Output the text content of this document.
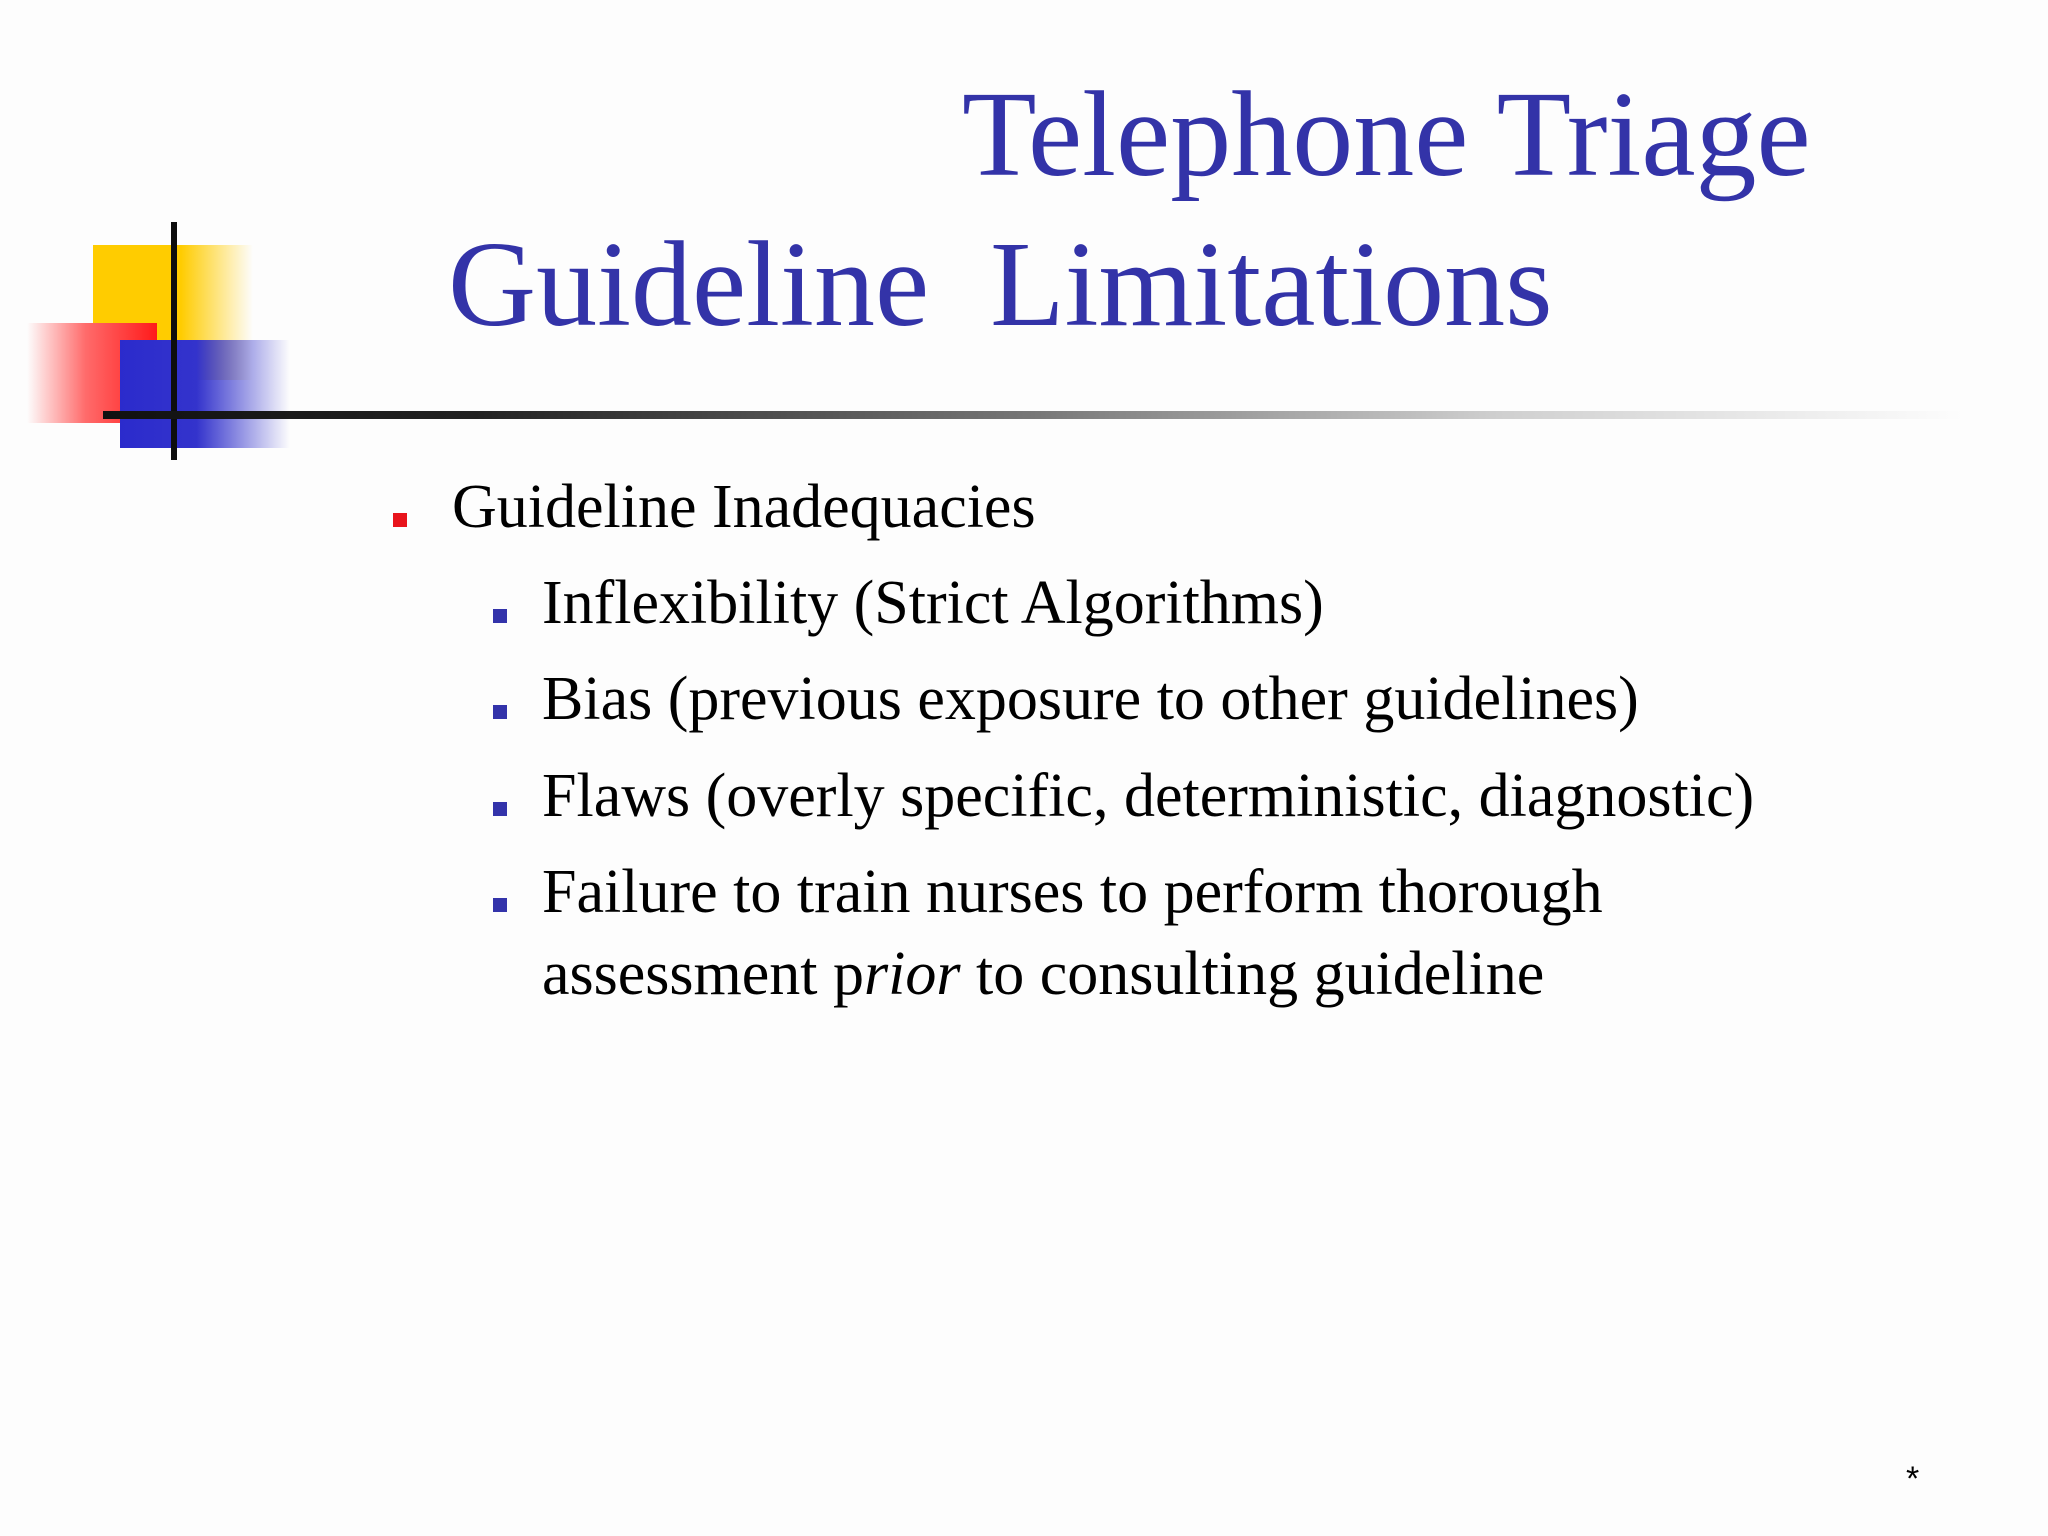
Telephone Triage
Guideline  Limitations
Guideline Inadequacies
Inflexibility (Strict Algorithms)
Bias (previous exposure to other guidelines)
Flaws (overly specific, deterministic, diagnostic)
Failure to train nurses to perform thorough
assessment prior to consulting guideline
*
